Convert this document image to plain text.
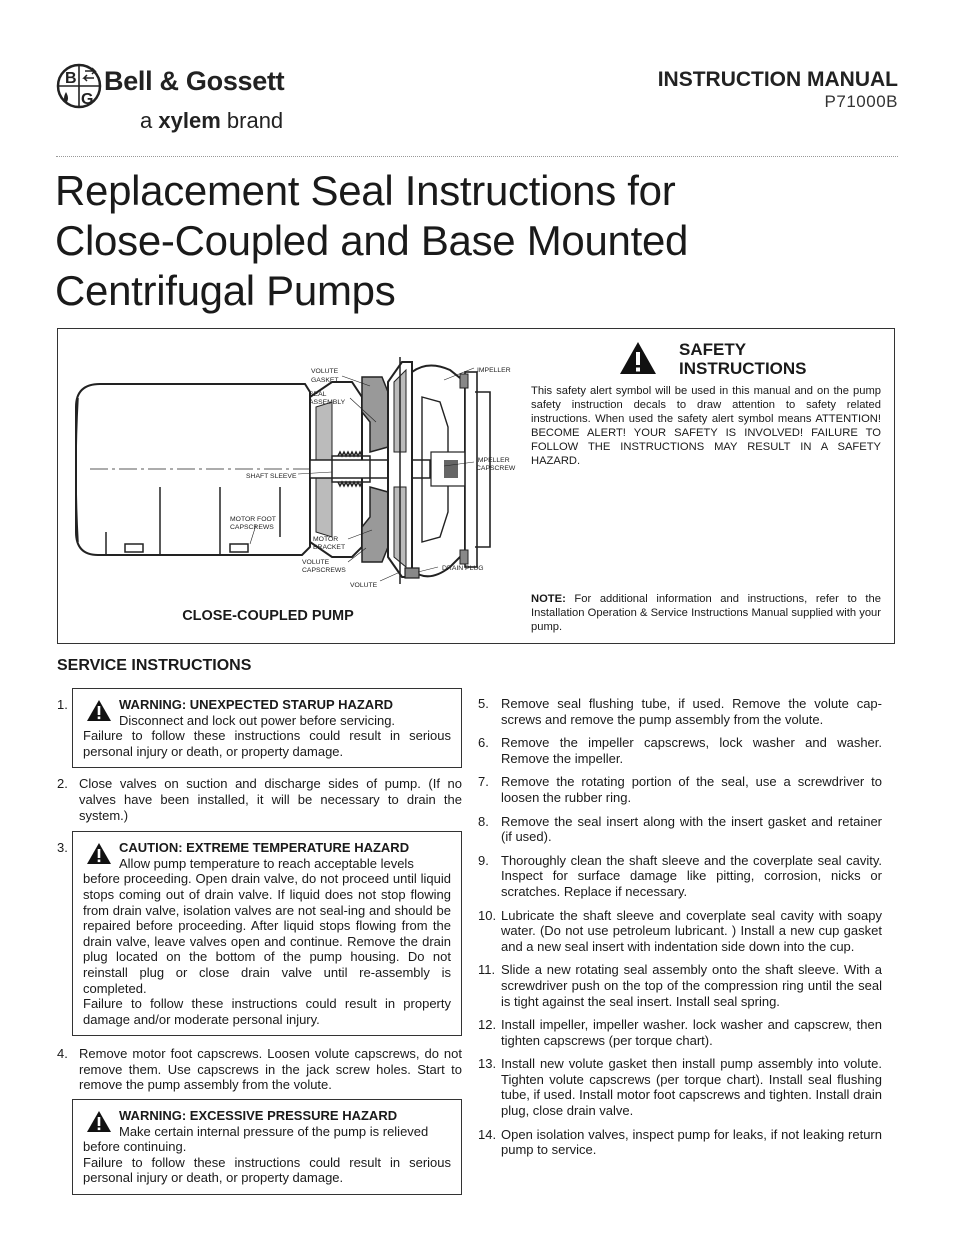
B
G
Bell & Gossett
a xylem brand
INSTRUCTION MANUAL
P71000B
Replacement Seal Instructions for
Close-Coupled and Base Mounted
Centrifugal Pumps
VOLUTE
GASKET
SEAL
ASSEMBLY
IMPELLER
IMPELLER
CAPSCREW
SHAFT SLEEVE
MOTOR FOOT
CAPSCREWS
MOTOR
BRACKET
VOLUTE
CAPSCREWS
VOLUTE
DRAIN PLUG
CLOSE-COUPLED PUMP
SAFETY
INSTRUCTIONS
This safety alert symbol will be used in this manual and on the pump safety instruction decals to draw attention to safety related instructions. When used the safety alert symbol means ATTENTION! BECOME ALERT! YOUR SAFETY IS INVOLVED! FAILURE TO FOLLOW THE INSTRUCTIONS MAY RESULT IN A SAFETY HAZARD.
NOTE: For additional information and instructions, refer to the Installation Operation & Service Instructions Manual supplied with your pump.
SERVICE INSTRUCTIONS
1.	WARNING: UNEXPECTED STARUP HAZARD
Disconnect and lock out power before servicing.
Failure to follow these instructions could result in serious personal injury or death, or property damage.
2. Close valves on suction and discharge sides of pump. (If no valves have been installed, it will be necessary to drain the system.)
3.	CAUTION: EXTREME TEMPERATURE HAZARD
Allow pump temperature to reach acceptable levels
before proceeding. Open drain valve, do not proceed until liquid stops coming out of drain valve. If liquid does not stop flowing from drain valve, isolation valves are not seal-ing and should be repaired before proceeding. After liquid stops flowing from the drain valve, leave valves open and continue. Remove the drain plug located on the bottom of the pump housing. Do not reinstall plug or close drain valve until re-assembly is completed.
Failure to follow these instructions could result in property damage and/or moderate personal injury.
4. Remove motor foot capscrews. Loosen volute capscrews, do not remove them. Use capscrews in the jack screw holes. Start to remove the pump assembly from the volute.
WARNING: EXCESSIVE PRESSURE HAZARD
Make certain internal pressure of the pump is relieved
before continuing.
Failure to follow these instructions could result in serious personal injury or death, or property damage.
5. Remove seal flushing tube, if used. Remove the volute cap-screws and remove the pump assembly from the volute.
6. Remove the impeller capscrews, lock washer and washer. Remove the impeller.
7. Remove the rotating portion of the seal, use a screwdriver to loosen the rubber ring.
8. Remove the seal insert along with the insert gasket and retainer (if used).
9. Thoroughly clean the shaft sleeve and the coverplate seal cavity. Inspect for surface damage like pitting, corrosion, nicks or scratches. Replace if necessary.
10. Lubricate the shaft sleeve and coverplate seal cavity with soapy water. (Do not use petroleum lubricant. ) Install a new cup gasket and a new seal insert with indentation side down into the cup.
11. Slide a new rotating seal assembly onto the shaft sleeve. With a screwdriver push on the top of the compression ring until the seal is tight against the seal insert. Install seal spring.
12. Install impeller, impeller washer. lock washer and capscrew, then tighten capscrews (per torque chart).
13. Install new volute gasket then install pump assembly into volute. Tighten volute capscrews (per torque chart). Install seal flushing tube, if used. Install motor foot capscrews and tighten. Install drain plug, close drain valve.
14. Open isolation valves, inspect pump for leaks, if not leaking return pump to service.
